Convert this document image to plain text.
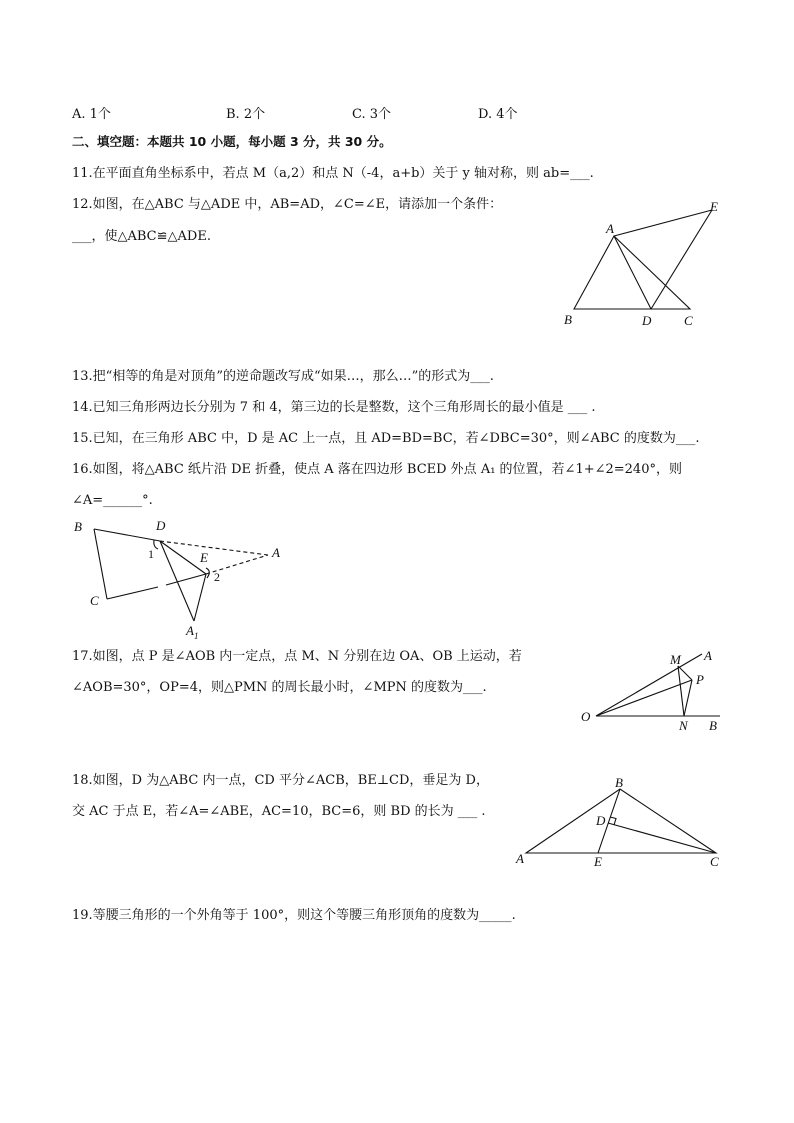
A. 1个	B. 2个	C. 3个	D. 4个
二、填空题：本题共 10 小题，每小题 3 分，共 30 分。
11.在平面直角坐标系中，若点 M（a,2）和点 N（-4，a+b）关于 y 轴对称，则 ab=___.
12.如图，在△ABC 与△ADE 中，AB=AD，∠C=∠E，请添加一个条件：
___，使△ABC≌△ADE.
A
B	C
D
E
13.把“相等的角是对顶角”的逆命题改写成“如果…，那么…”的形式为___.
14.已知三角形两边长分别为 7 和 4，第三边的长是整数，这个三角形周长的最小值是 ___ .
15.已知，在三角形 ABC 中，D 是 AC 上一点，且 AD=BD=BC，若∠DBC=30°，则∠ABC 的度数为___.
16.如图，将△ABC 纸片沿 DE 折叠，使点 A 落在四边形 BCED 外点 A₁ 的位置，若∠1+∠2=240°，则
∠A=______°.
B	D
E	A
C
$A_1$
1
2
17.如图，点 P 是∠AOB 内一定点，点 M、N 分别在边 OA、OB 上运动，若
∠AOB=30°，OP=4，则△PMN 的周长最小时，∠MPN 的度数为___.
M A
P
O
N B
18.如图，D 为△ABC 内一点，CD 平分∠ACB，BE⊥CD，垂足为 D，
交 AC 于点 E，若∠A=∠ABE，AC=10，BC=6，则 BD 的长为 ___ .
B
D
A	E	C
19.等腰三角形的一个外角等于 100°，则这个等腰三角形顶角的度数为_____.
